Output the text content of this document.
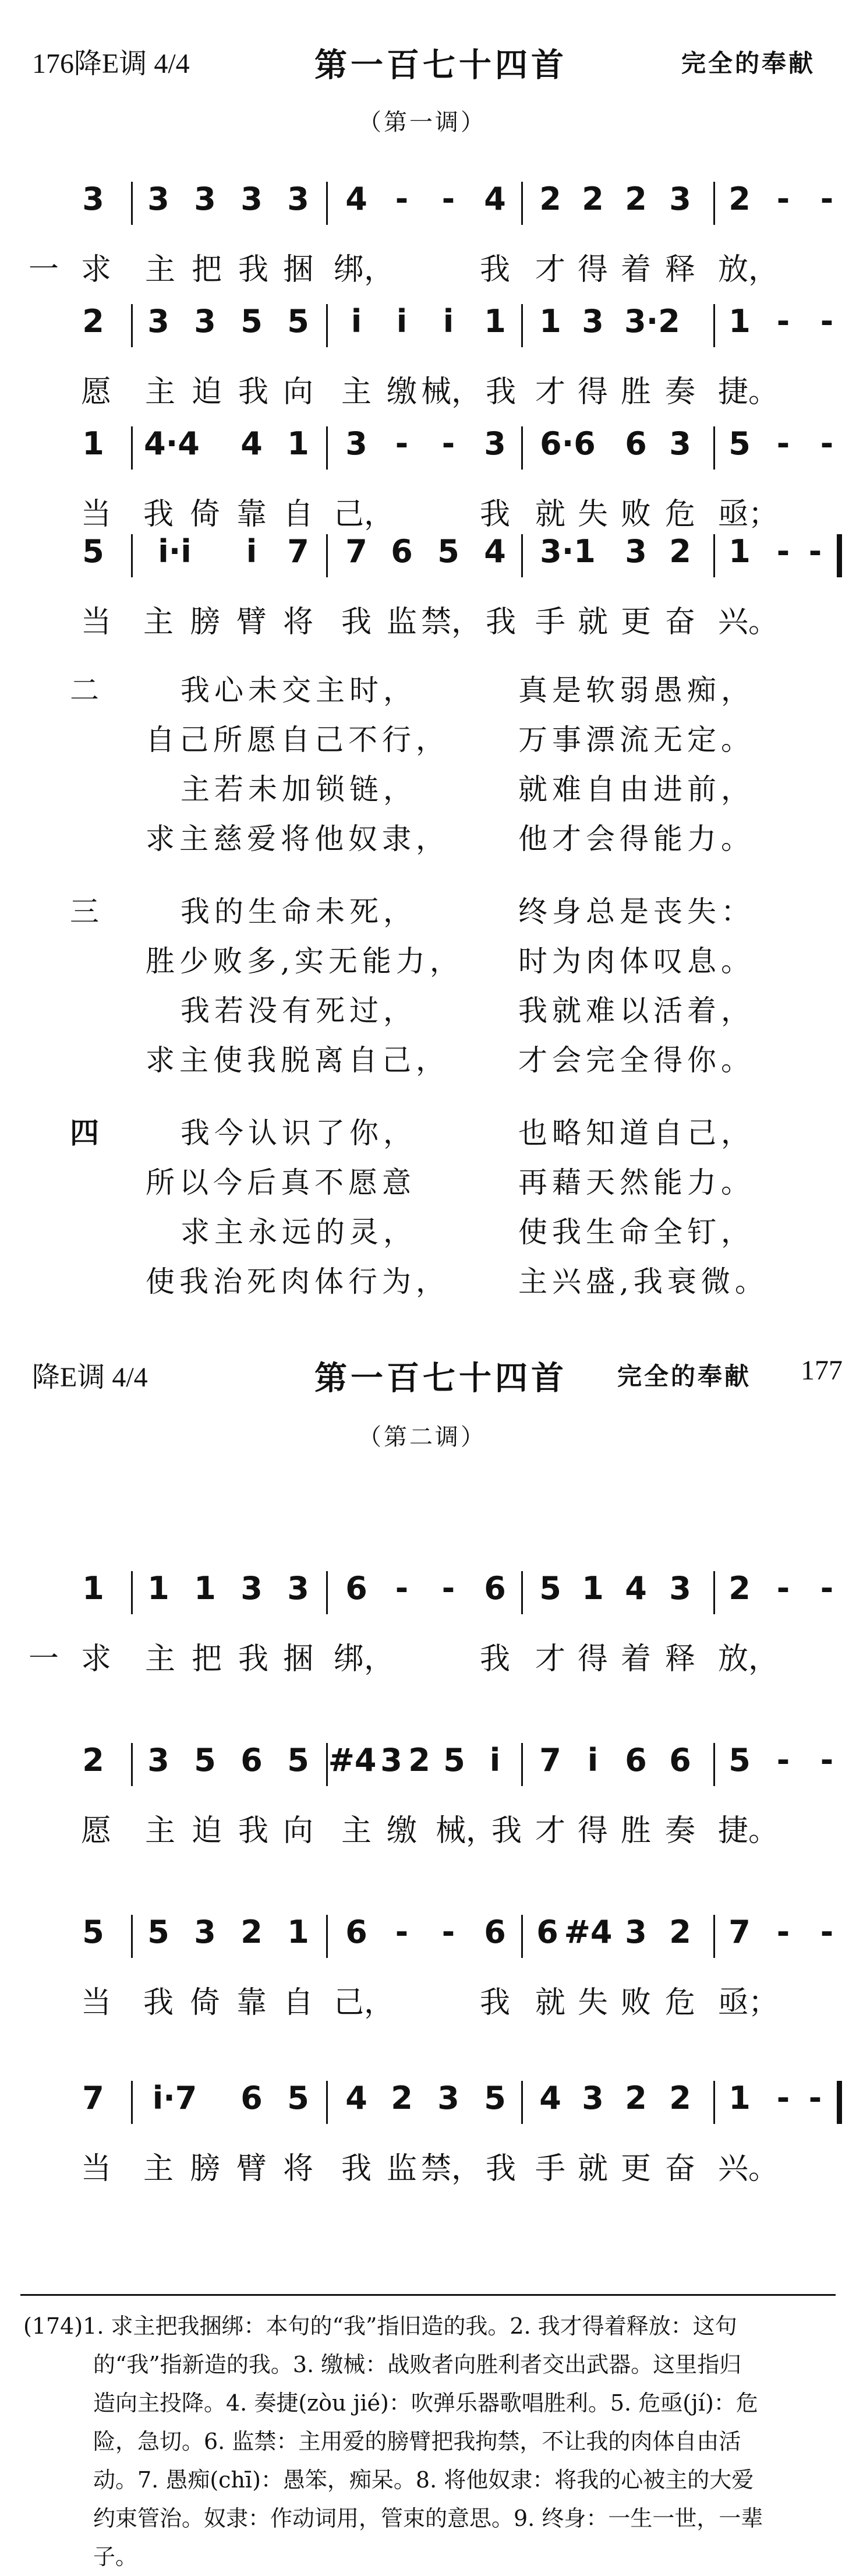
176降E调 4/4	第一百七十四首	完全的奉献
（第一调）
3 3 3 3 3 4 - - 4 2 2 2 3 2 - -
一 求 主 把 我 捆 绑，	我 才 得 着 释 放，
2 3 3 5 5 i i i 1 1 3 3·2 1 - -
愿 主 迫 我 向 主 缴 械， 我 才 得 胜 奏 捷。
1 4·4 4 1 3 - - 3 6·6 6 3 5 - -
当 我 倚 靠 自 己，	我 就 失 败 危 亟；
5 i·i i 7 7 6 5 4 3·1 3 2 1 - -
当 主 膀 臂 将 我 监 禁， 我 手 就 更 奋 兴。
二	我心未交主时，	真是软弱愚痴，
自己所愿自己不行， 万事漂流无定。
主若未加锁链，	就难自由进前，
求主慈爱将他奴隶， 他才会得能力。
三	我的生命未死，	终身总是丧失：
胜少败多,实无能力， 时为肉体叹息。
我若没有死过，	我就难以活着，
求主使我脱离自己， 才会完全得你。
四	我今认识了你，	也略知道自己，
所以今后真不愿意	再藉天然能力。
求主永远的灵，	使我生命全钉，
使我治死肉体行为， 主兴盛,我衰微。
降E调 4/4	第一百七十四首 完全的奉献 177
（第二调）
1 1 1 3 3 6 - - 6 5 1 4 3 2 - -
一 求 主 把 我 捆 绑，	我 才 得 着 释 放，
2 3 5 6 5 #4 3 2 5 i 7 i 6 6 5 - -
愿 主 迫 我 向 主 缴 械，
我 才 得 胜 奏 捷。
5 5 3 2 1 6 - - 6 6 #4 3 2 7 - -
当 我 倚 靠 自 己，	我 就 失 败 危 亟；
7 i·7 6 5 4 2 3 5 4 3 2 2 1 - -
当 主 膀 臂 将 我 监 禁， 我 手 就 更 奋 兴。

(174)1. 求主把我捆绑：本句的“我”指旧造的我。2. 我才得着释放：这句

的“我”指新造的我。3. 缴械：战败者向胜利者交出武器。这里指归

造向主投降。4. 奏捷(zòu jié)：吹弹乐器歌唱胜利。5. 危亟(jí)：危

险，急切。6. 监禁：主用爱的膀臂把我拘禁，不让我的肉体自由活

动。7. 愚痴(chī)：愚笨，痴呆。8. 将他奴隶：将我的心被主的大爱

约束管治。奴隶：作动词用，管束的意思。9. 终身：一生一世，一辈

子。
